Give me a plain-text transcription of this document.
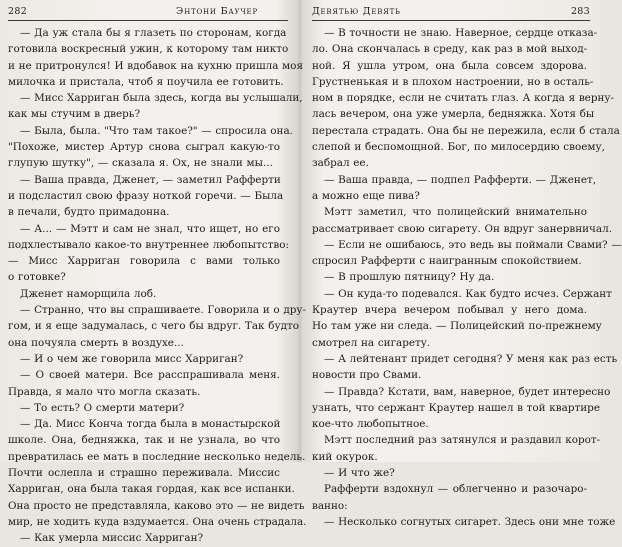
282	Энтони Баучер
— Да уж стала бы я глазеть по сторонам, когда
готовила воскресный ужин, к которому там никто
и не притронулся! И вдобавок на кухню пришла моя
милочка и пристала, чтоб я поучила ее готовить.
— Мисс Харриган была здесь, когда вы услышали,
как мы стучим в дверь?
— Была, была. "Что там такое?" — спросила она.
"Похоже, мистер Артур снова сыграл какую-то
глупую шутку", — сказала я. Ох, не знали мы...
— Ваша правда, Дженет, — заметил Рафферти
и подсластил свою фразу ноткой горечи. — Была
в печали, будто примадонна.
— А... — Мэтт и сам не знал, что ищет, но его
подхлестывало какое-то внутреннее любопытство:
— Мисс Харриган говорила с вами только
о готовке?
Дженет наморщила лоб.
— Странно, что вы спрашиваете. Говорила и о дру-
гом, и я еще задумалась, с чего бы вдруг. Так будто
она почуяла смерть в воздухе...
— И о чем же говорила мисс Харриган?
— О своей матери. Все расспрашивала меня.
Правда, я мало что могла сказать.
— То есть? О смерти матери?
— Да. Мисс Конча тогда была в монастырской
школе. Она, бедняжка, так и не узнала, во что
превратилась ее мать в последние несколько недель.
Почти ослепла и страшно переживала. Миссис
Харриган, она была такая гордая, как все испанки.
Она просто не представляла, каково это — не видеть
мир, не ходить куда вздумается. Она очень страдала.
— Как умерла миссис Харриган?
Девятью Девять	283
— В точности не знаю. Наверное, сердце отказа-
ло. Она скончалась в среду, как раз в мой выход-
ной. Я ушла утром, она была совсем здорова.
Грустненькая и в плохом настроении, но в осталь-
ном в порядке, если не считать глаз. А когда я верну-
лась вечером, она уже умерла, бедняжка. Хотя бы
перестала страдать. Она бы не пережила, если б стала
слепой и беспомощной. Бог, по милосердию своему,
забрал ее.
— Ваша правда, — подпел Рафферти. — Дженет,
а можно еще пива?
Мэтт заметил, что полицейский внимательно
рассматривает свою сигарету. Он вдруг занервничал.
— Если не ошибаюсь, это ведь вы поймали Свами? —
спросил Рафферти с наигранным спокойствием.
— В прошлую пятницу? Ну да.
— Он куда-то подевался. Как будто исчез. Сержант
Краутер вчера вечером побывал у него дома.
Но там уже ни следа. — Полицейский по-прежнему
смотрел на сигарету.
— А лейтенант придет сегодня? У меня как раз есть
новости про Свами.
— Правда? Кстати, вам, наверное, будет интересно
узнать, что сержант Краутер нашел в той квартире
кое-что любопытное.
Мэтт последний раз затянулся и раздавил корот-
кий окурок.
— И что же?
Рафферти вздохнул — облегченно и разочаро-
ванно:
— Несколько согнутых сигарет. Здесь они мне тоже
